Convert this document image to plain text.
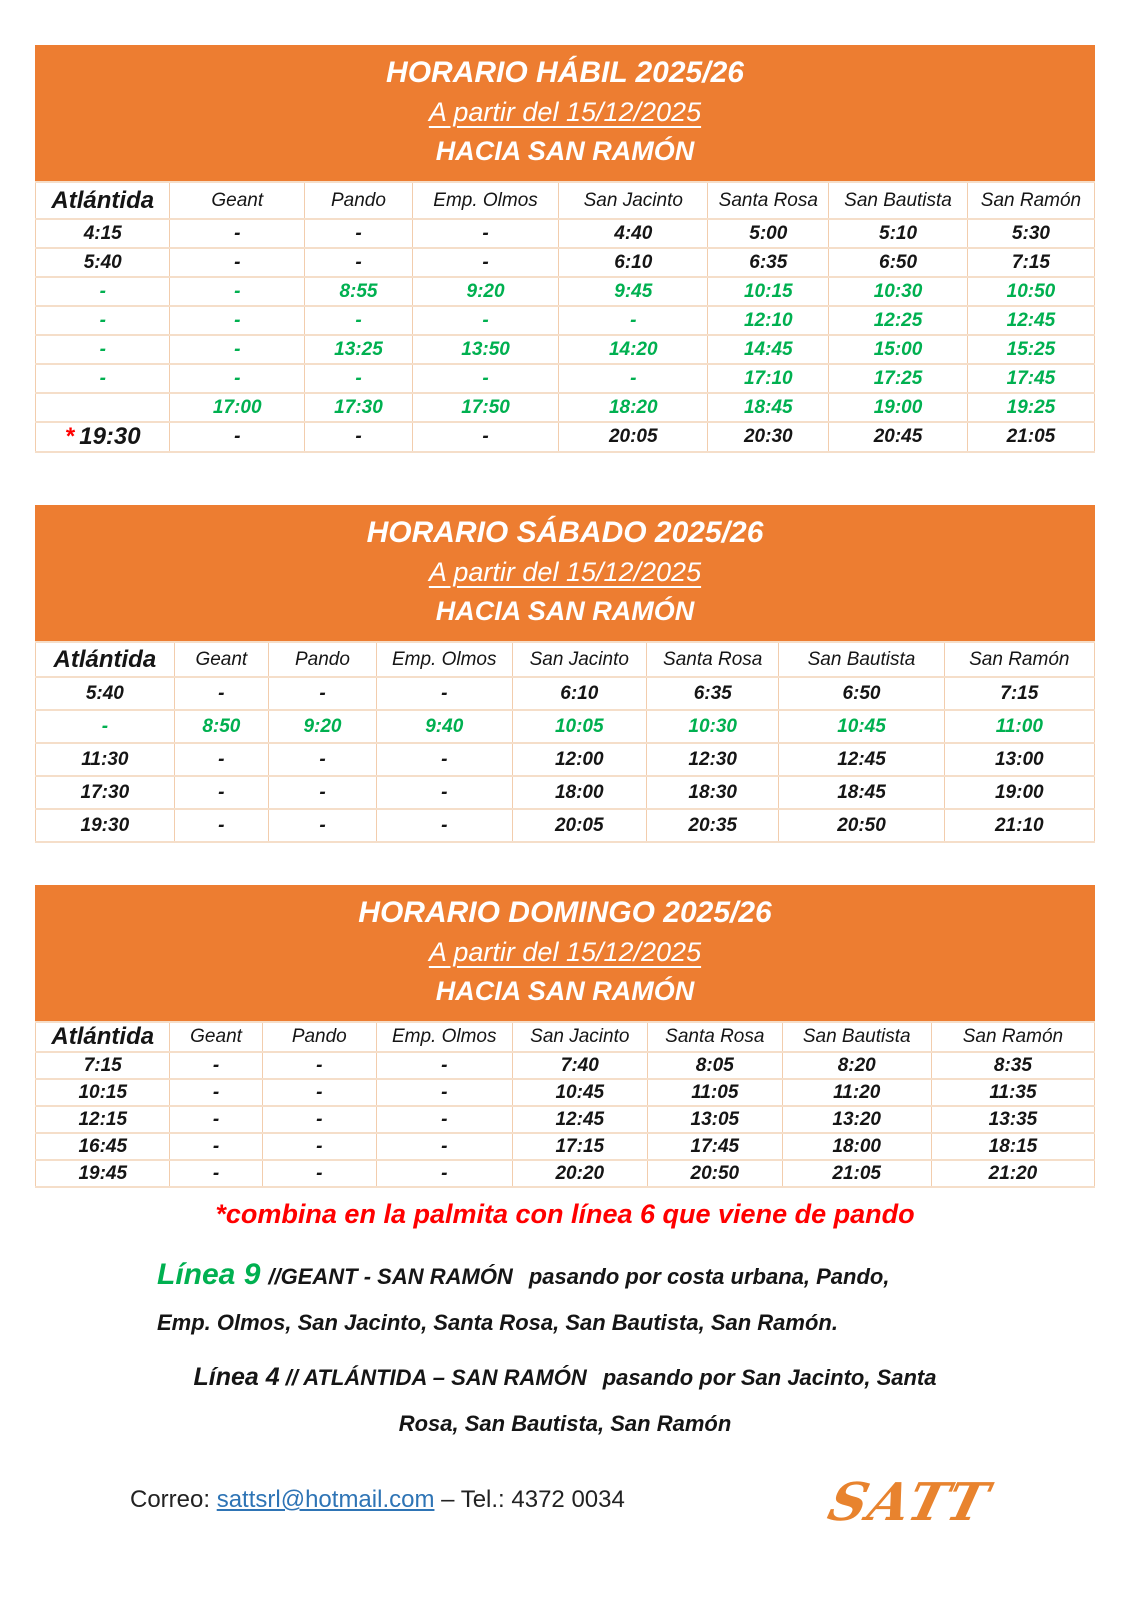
HORARIO HÁBIL 2025/26
A partir del 15/12/2025
HACIA SAN RAMÓN
Atlántida	Geant	Pando	Emp. Olmos	San Jacinto	Santa Rosa	San Bautista	San Ramón
4:15	-	-	-	4:40	5:00	5:10	5:30
5:40	-	-	-	6:10	6:35	6:50	7:15
-	-	8:55	9:20	9:45	10:15	10:30	10:50
-	-	-	-	-	12:10	12:25	12:45
-	-	13:25	13:50	14:20	14:45	15:00	15:25
-	-	-	-	-	17:10	17:25	17:45
	17:00	17:30	17:50	18:20	18:45	19:00	19:25
* 19:30	-	-	-	20:05	20:30	20:45	21:05
HORARIO SÁBADO 2025/26
A partir del 15/12/2025
HACIA SAN RAMÓN
Atlántida	Geant	Pando	Emp. Olmos	San Jacinto	Santa Rosa	San Bautista	San Ramón
5:40	-	-	-	6:10	6:35	6:50	7:15
-	8:50	9:20	9:40	10:05	10:30	10:45	11:00
11:30	-	-	-	12:00	12:30	12:45	13:00
17:30	-	-	-	18:00	18:30	18:45	19:00
19:30	-	-	-	20:05	20:35	20:50	21:10
HORARIO DOMINGO 2025/26
A partir del 15/12/2025
HACIA SAN RAMÓN
Atlántida	Geant	Pando	Emp. Olmos	San Jacinto	Santa Rosa	San Bautista	San Ramón
7:15	-	-	-	7:40	8:05	8:20	8:35
10:15	-	-	-	10:45	11:05	11:20	11:35
12:15	-	-	-	12:45	13:05	13:20	13:35
16:45	-	-	-	17:15	17:45	18:00	18:15
19:45	-	-	-	20:20	20:50	21:05	21:20
*combina en la palmita con línea 6 que viene de pando
Línea 9 //GEANT - SAN RAMÓN pasando por costa urbana, Pando,
Emp. Olmos, San Jacinto, Santa Rosa, San Bautista, San Ramón.
Línea 4 // ATLÁNTIDA – SAN RAMÓN pasando por San Jacinto, Santa
Rosa, San Bautista, San Ramón
Correo: sattsrl@hotmail.com – Tel.: 4372 0034	SATT
